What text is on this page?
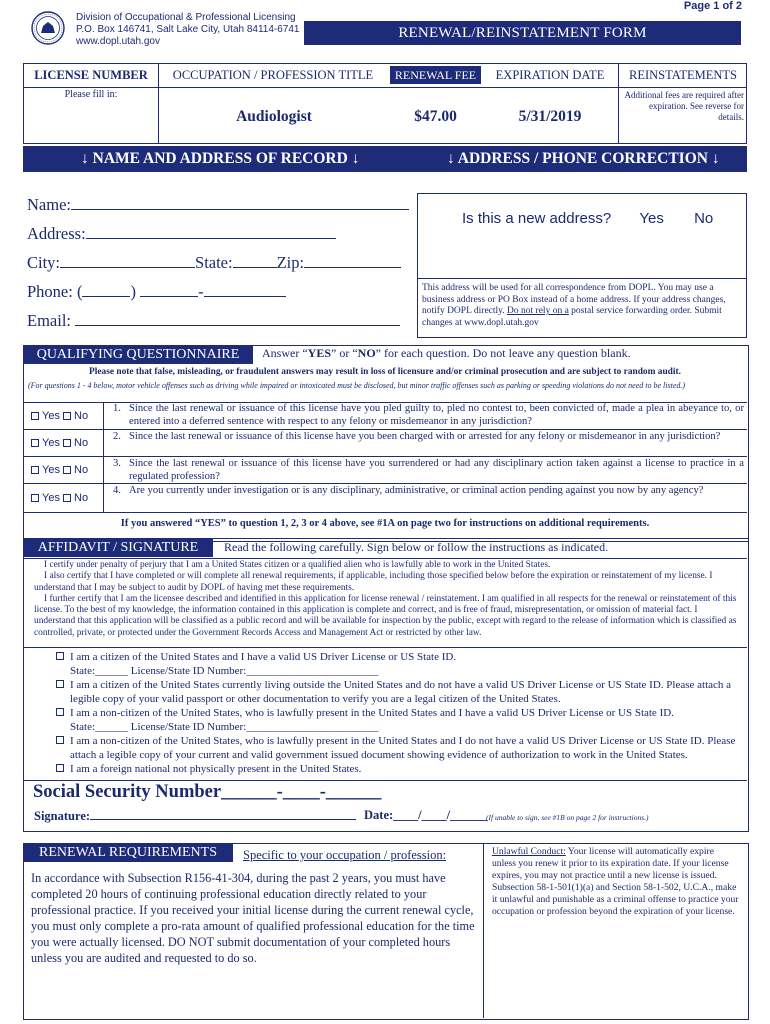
Page 1 of 2
Division of Occupational & Professional Licensing
P.O. Box 146741, Salt Lake City, Utah 84114-6741
www.dopl.utah.gov
RENEWAL/REINSTATEMENT FORM
LICENSE NUMBER
Please fill in:
OCCUPATION / PROFESSION TITLE	RENEWAL FEE	EXPIRATION DATE	REINSTATEMENTS
Audiologist	$47.00	5/31/2019
Additional fees are required after expiration. See reverse for details.
↓ NAME AND ADDRESS OF RECORD ↓	↓ ADDRESS / PHONE CORRECTION ↓
Name:
Address:
City:	State:	Zip:
Phone: (	)	-
Email:
Is this a new address? Yes No
This address will be used for all correspondence from DOPL. You may use a business address or PO Box instead of a home address. If your address changes, notify DOPL directly. Do not rely on a postal service forwarding order. Submit changes at www.dopl.utah.gov
QUALIFYING QUESTIONNAIRE Answer “YES” or “NO” for each question. Do not leave any question blank.
Please note that false, misleading, or fraudulent answers may result in loss of licensure and/or criminal prosecution and are subject to random audit.
(For questions 1 - 4 below, motor vehicle offenses such as driving while impaired or intoxicated must be disclosed, but minor traffic offenses such as parking or speeding violations do not need to be listed.)
Yes No
1. Since the last renewal or issuance of this license have you pled guilty to, pled no contest to, been convicted of, made a plea in abeyance to, or entered into a deferred sentence with respect to any felony or misdemeanor in any jurisdiction?
Yes No
2. Since the last renewal or issuance of this license have you been charged with or arrested for any felony or misdemeanor in any jurisdiction?
Yes No
3. Since the last renewal or issuance of this license have you surrendered or had any disciplinary action taken against a license to practice in a regulated profession?
Yes No
4. Are you currently under investigation or is any disciplinary, administrative, or criminal action pending against you now by any agency?
If you answered “YES” to question 1, 2, 3 or 4 above, see #1A on page two for instructions on additional requirements.
AFFIDAVIT / SIGNATURE Read the following carefully. Sign below or follow the instructions as indicated.
I certify under penalty of perjury that I am a United States citizen or a qualified alien who is lawfully able to work in the United States.
I also certify that I have completed or will complete all renewal requirements, if applicable, including those specified below before the expiration or reinstatement of my license. I understand that I may be subject to audit by DOPL of having met these requirements.
I further certify that I am the licensee described and identified in this application for license renewal / reinstatement. I am qualified in all respects for the renewal or reinstatement of this license. To the best of my knowledge, the information contained in this application is complete and correct, and is free of fraud, misrepresentation, or omission of material fact. I understand that this application will be classified as a public record and will be available for inspection by the public, except with regard to the release of information which is classified as controlled, private, or protected under the Government Records Access and Management Act or restricted by other law.
I am a citizen of the United States and I have a valid US Driver License or US State ID.
State:______ License/State ID Number:________________________
I am a citizen of the United States currently living outside the United States and do not have a valid US Driver License or US State ID. Please attach a legible copy of your valid passport or other documentation to verify you are a legal citizen of the United States.
I am a non-citizen of the United States, who is lawfully present in the United States and I have a valid US Driver License or US State ID.
State:______ License/State ID Number:________________________
I am a non-citizen of the United States, who is lawfully present in the United States and I do not have a valid US Driver License or US State ID. Please attach a legible copy of your current and valid government issued document showing evidence of authorization to work in the United States.
I am a foreign national not physically present in the United States.
Social Security Number______-____-______
Signature:	Date:____/____/______
(If unable to sign, see #1B on page 2 for instructions.)
RENEWAL REQUIREMENTS Specific to your occupation / profession:
In accordance with Subsection R156-41-304, during the past 2 years, you must have completed 20 hours of continuing professional education directly related to your professional practice. If you received your initial license during the current renewal cycle, you must only complete a pro-rata amount of qualified professional education for the time you were actually licensed. DO NOT submit documentation of your completed hours unless you are audited and requested to do so.
Unlawful Conduct: Your license will automatically expire unless you renew it prior to its expiration date. If your license expires, you may not practice until a new license is issued. Subsection 58-1-501(1)(a) and Section 58-1-502, U.C.A., make it unlawful and punishable as a criminal offense to practice your occupation or profession beyond the expiration of your license.
